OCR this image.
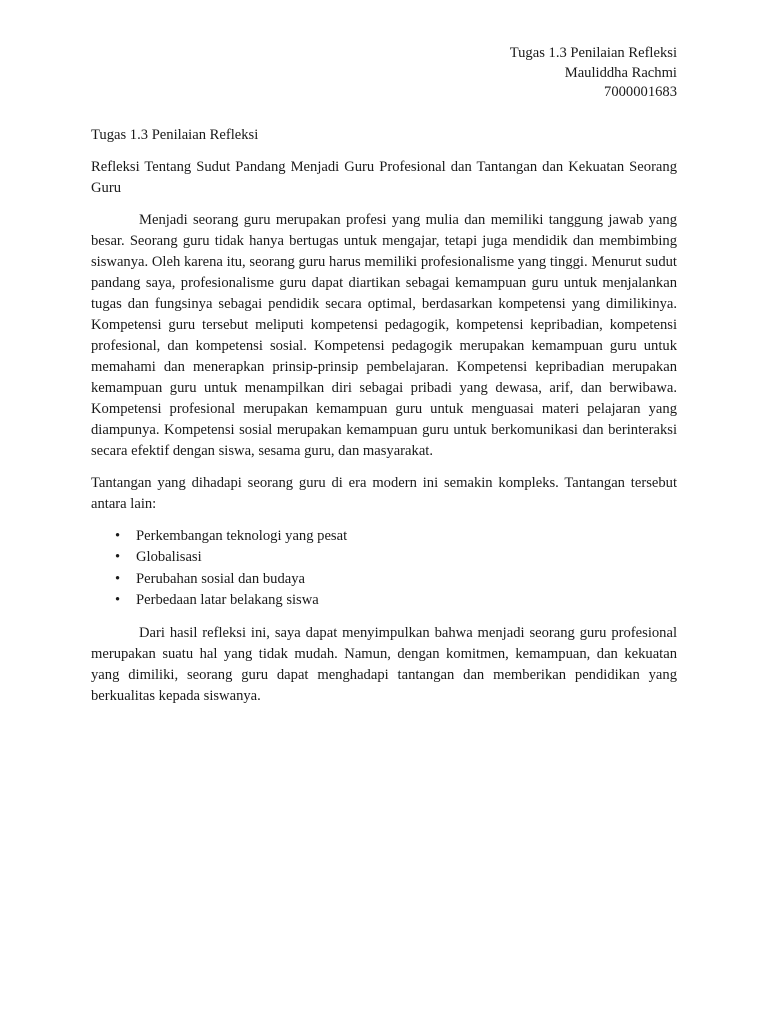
Tugas 1.3 Penilaian Refleksi
Mauliddha Rachmi
7000001683

Tugas 1.3 Penilaian Refleksi

Refleksi Tentang Sudut Pandang Menjadi Guru Profesional dan Tantangan dan Kekuatan Seorang Guru

Menjadi seorang guru merupakan profesi yang mulia dan memiliki tanggung jawab yang besar. Seorang guru tidak hanya bertugas untuk mengajar, tetapi juga mendidik dan membimbing siswanya. Oleh karena itu, seorang guru harus memiliki profesionalisme yang tinggi. Menurut sudut pandang saya, profesionalisme guru dapat diartikan sebagai kemampuan guru untuk menjalankan tugas dan fungsinya sebagai pendidik secara optimal, berdasarkan kompetensi yang dimilikinya. Kompetensi guru tersebut meliputi kompetensi pedagogik, kompetensi kepribadian, kompetensi profesional, dan kompetensi sosial. Kompetensi pedagogik merupakan kemampuan guru untuk memahami dan menerapkan prinsip-prinsip pembelajaran. Kompetensi kepribadian merupakan kemampuan guru untuk menampilkan diri sebagai pribadi yang dewasa, arif, dan berwibawa. Kompetensi profesional merupakan kemampuan guru untuk menguasai materi pelajaran yang diampunya. Kompetensi sosial merupakan kemampuan guru untuk berkomunikasi dan berinteraksi secara efektif dengan siswa, sesama guru, dan masyarakat.

Tantangan yang dihadapi seorang guru di era modern ini semakin kompleks. Tantangan tersebut antara lain:

• Perkembangan teknologi yang pesat
• Globalisasi
• Perubahan sosial dan budaya
• Perbedaan latar belakang siswa

Dari hasil refleksi ini, saya dapat menyimpulkan bahwa menjadi seorang guru profesional merupakan suatu hal yang tidak mudah. Namun, dengan komitmen, kemampuan, dan kekuatan yang dimiliki, seorang guru dapat menghadapi tantangan dan memberikan pendidikan yang berkualitas kepada siswanya.
